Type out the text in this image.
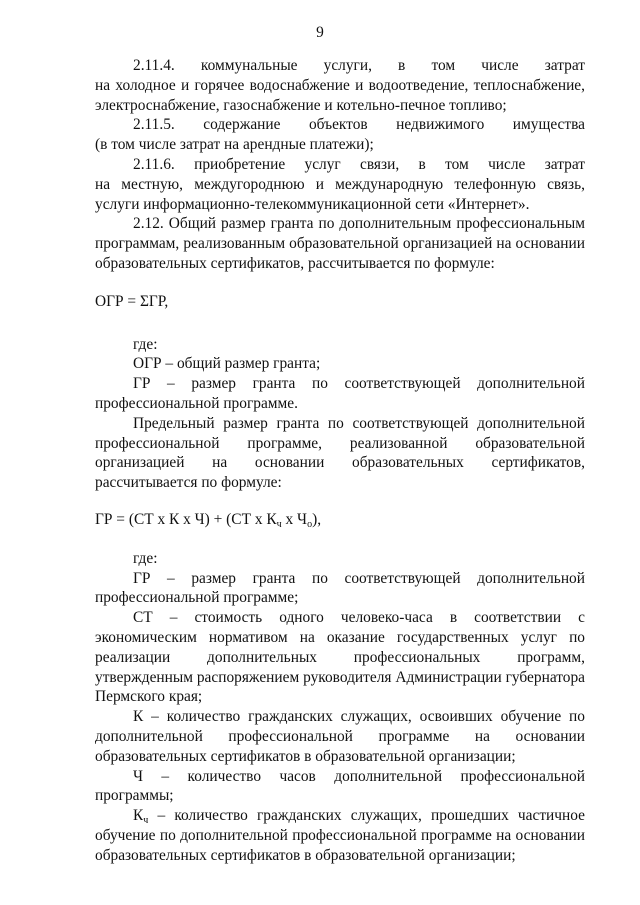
9

2.11.4. коммунальные услуги, в том числе затрат

на холодное и горячее водоснабжение и водоотведение, теплоснабжение, электроснабжение, газоснабжение и котельно-печное топливо;

2.11.5. содержание объектов недвижимого имущества

(в том числе затрат на арендные платежи);

2.11.6. приобретение услуг связи, в том числе затрат

на местную, междугороднюю и международную телефонную связь, услуги информационно-телекоммуникационной сети «Интернет».

2.12. Общий размер гранта по дополнительным профессиональным программам, реализованным образовательной организацией на основании образовательных сертификатов, рассчитывается по формуле:

ОГР = ΣГР,

где:

ОГР – общий размер гранта;

ГР – размер гранта по соответствующей дополнительной профессиональной программе.

Предельный размер гранта по соответствующей дополнительной профессиональной программе, реализованной образовательной организацией на основании образовательных сертификатов, рассчитывается по формуле:

ГР = (СТ х К х Ч) + (СТ х $К_ч$ х $Ч_о$),

где:

ГР – размер гранта по соответствующей дополнительной профессиональной программе;

СТ – стоимость одного человеко-часа в соответствии с экономическим нормативом на оказание государственных услуг по реализации дополнительных профессиональных программ, утвержденным распоряжением руководителя Администрации губернатора Пермского края;

К – количество гражданских служащих, освоивших обучение по дополнительной профессиональной программе на основании образовательных сертификатов в образовательной организации;

Ч – количество часов дополнительной профессиональной программы;

$К_ч$ – количество гражданских служащих, прошедших частичное обучение по дополнительной профессиональной программе на основании образовательных сертификатов в образовательной организации;
